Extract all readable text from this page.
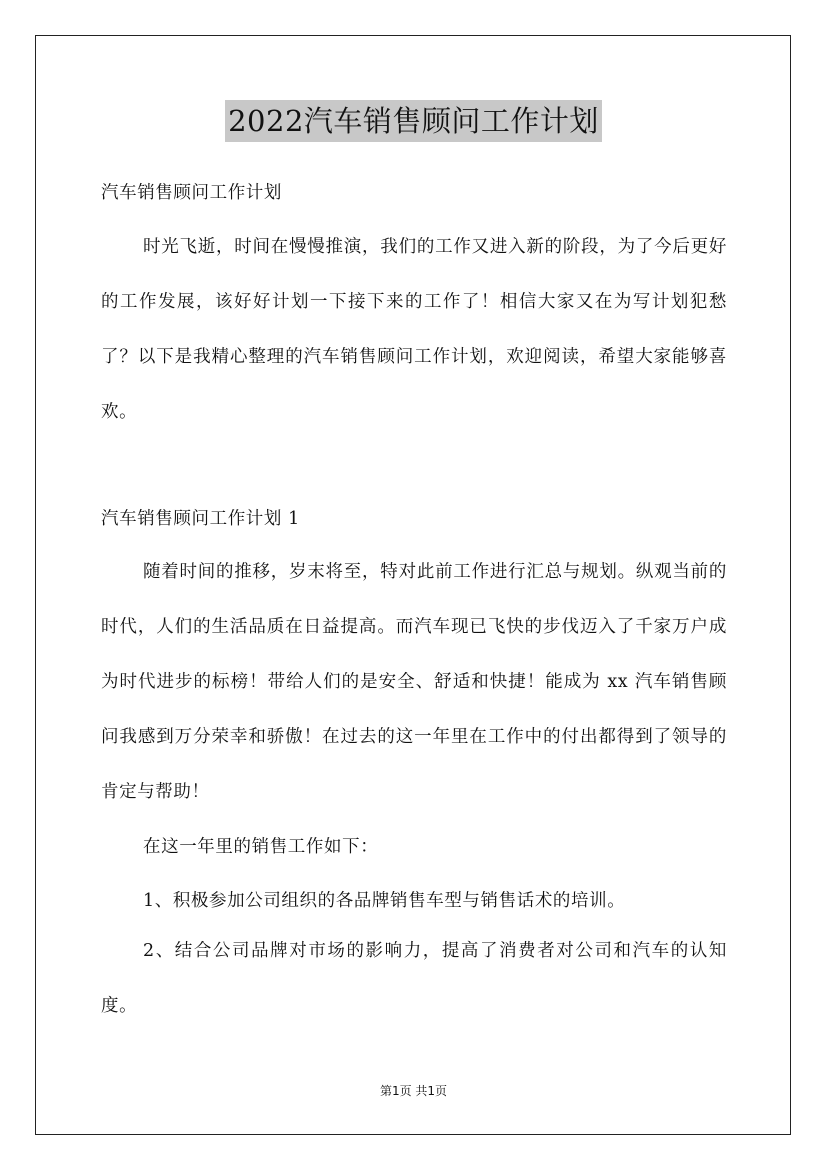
2022汽车销售顾问工作计划
汽车销售顾问工作计划

时光飞逝，时间在慢慢推演，我们的工作又进入新的阶段，为了今后更好的工作发展，该好好计划一下接下来的工作了！相信大家又在为写计划犯愁了？以下是我精心整理的汽车销售顾问工作计划，欢迎阅读，希望大家能够喜欢。

汽车销售顾问工作计划 1

随着时间的推移，岁末将至，特对此前工作进行汇总与规划。纵观当前的时代，人们的生活品质在日益提高。而汽车现已飞快的步伐迈入了千家万户成为时代进步的标榜！带给人们的是安全、舒适和快捷！能成为 xx 汽车销售顾问我感到万分荣幸和骄傲！在过去的这一年里在工作中的付出都得到了领导的肯定与帮助！

在这一年里的销售工作如下：

1、积极参加公司组织的各品牌销售车型与销售话术的培训。

2、结合公司品牌对市场的影响力，提高了消费者对公司和汽车的认知度。

第1页 共1页
